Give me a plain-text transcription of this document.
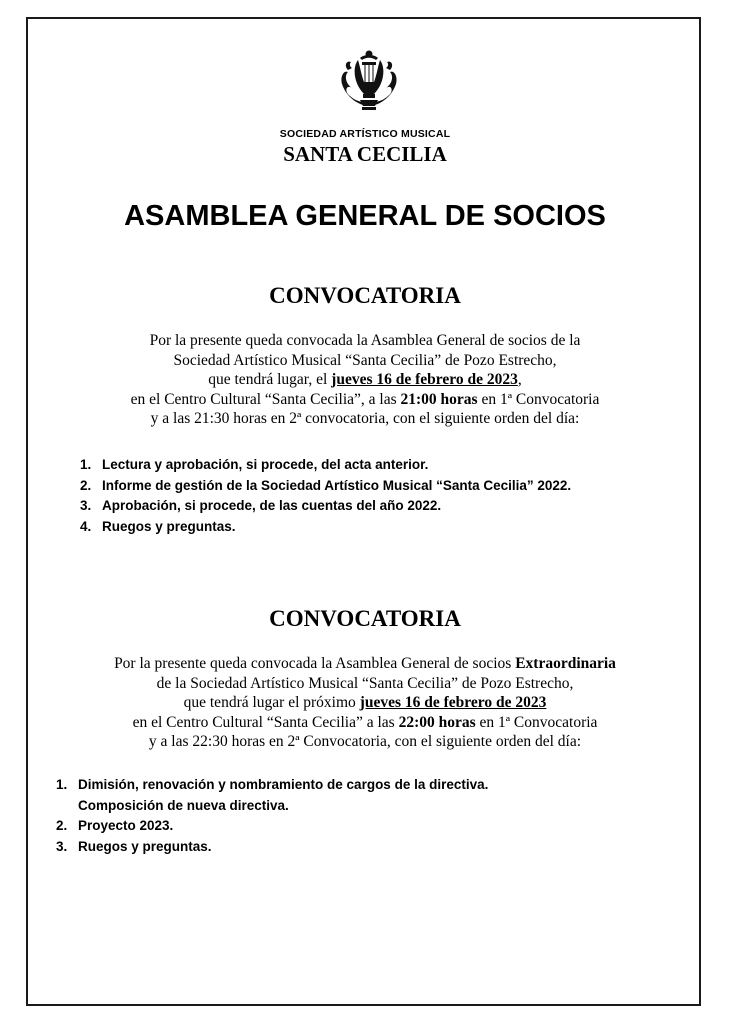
SOCIEDAD ARTÍSTICO MUSICAL
SANTA CECILIA
ASAMBLEA GENERAL DE SOCIOS
CONVOCATORIA
Por la presente queda convocada la Asamblea General de socios de la
Sociedad Artístico Musical “Santa Cecilia” de Pozo Estrecho,
que tendrá lugar, el jueves 16 de febrero de 2023,
en el Centro Cultural “Santa Cecilia”, a las 21:00 horas en 1ª Convocatoria
y a las 21:30 horas en 2ª convocatoria, con el siguiente orden del día:
1. Lectura y aprobación, si procede, del acta anterior.
2. Informe de gestión de la Sociedad Artístico Musical “Santa Cecilia” 2022.
3. Aprobación, si procede, de las cuentas del año 2022.
4. Ruegos y preguntas.
CONVOCATORIA
Por la presente queda convocada la Asamblea General de socios Extraordinaria
de la Sociedad Artístico Musical “Santa Cecilia” de Pozo Estrecho,
que tendrá lugar el próximo jueves 16 de febrero de 2023
en el Centro Cultural “Santa Cecilia” a las 22:00 horas en 1ª Convocatoria
y a las 22:30 horas en 2ª Convocatoria, con el siguiente orden del día:
1. Dimisión, renovación y nombramiento de cargos de la directiva.
Composición de nueva directiva.
2. Proyecto 2023.
3. Ruegos y preguntas.
